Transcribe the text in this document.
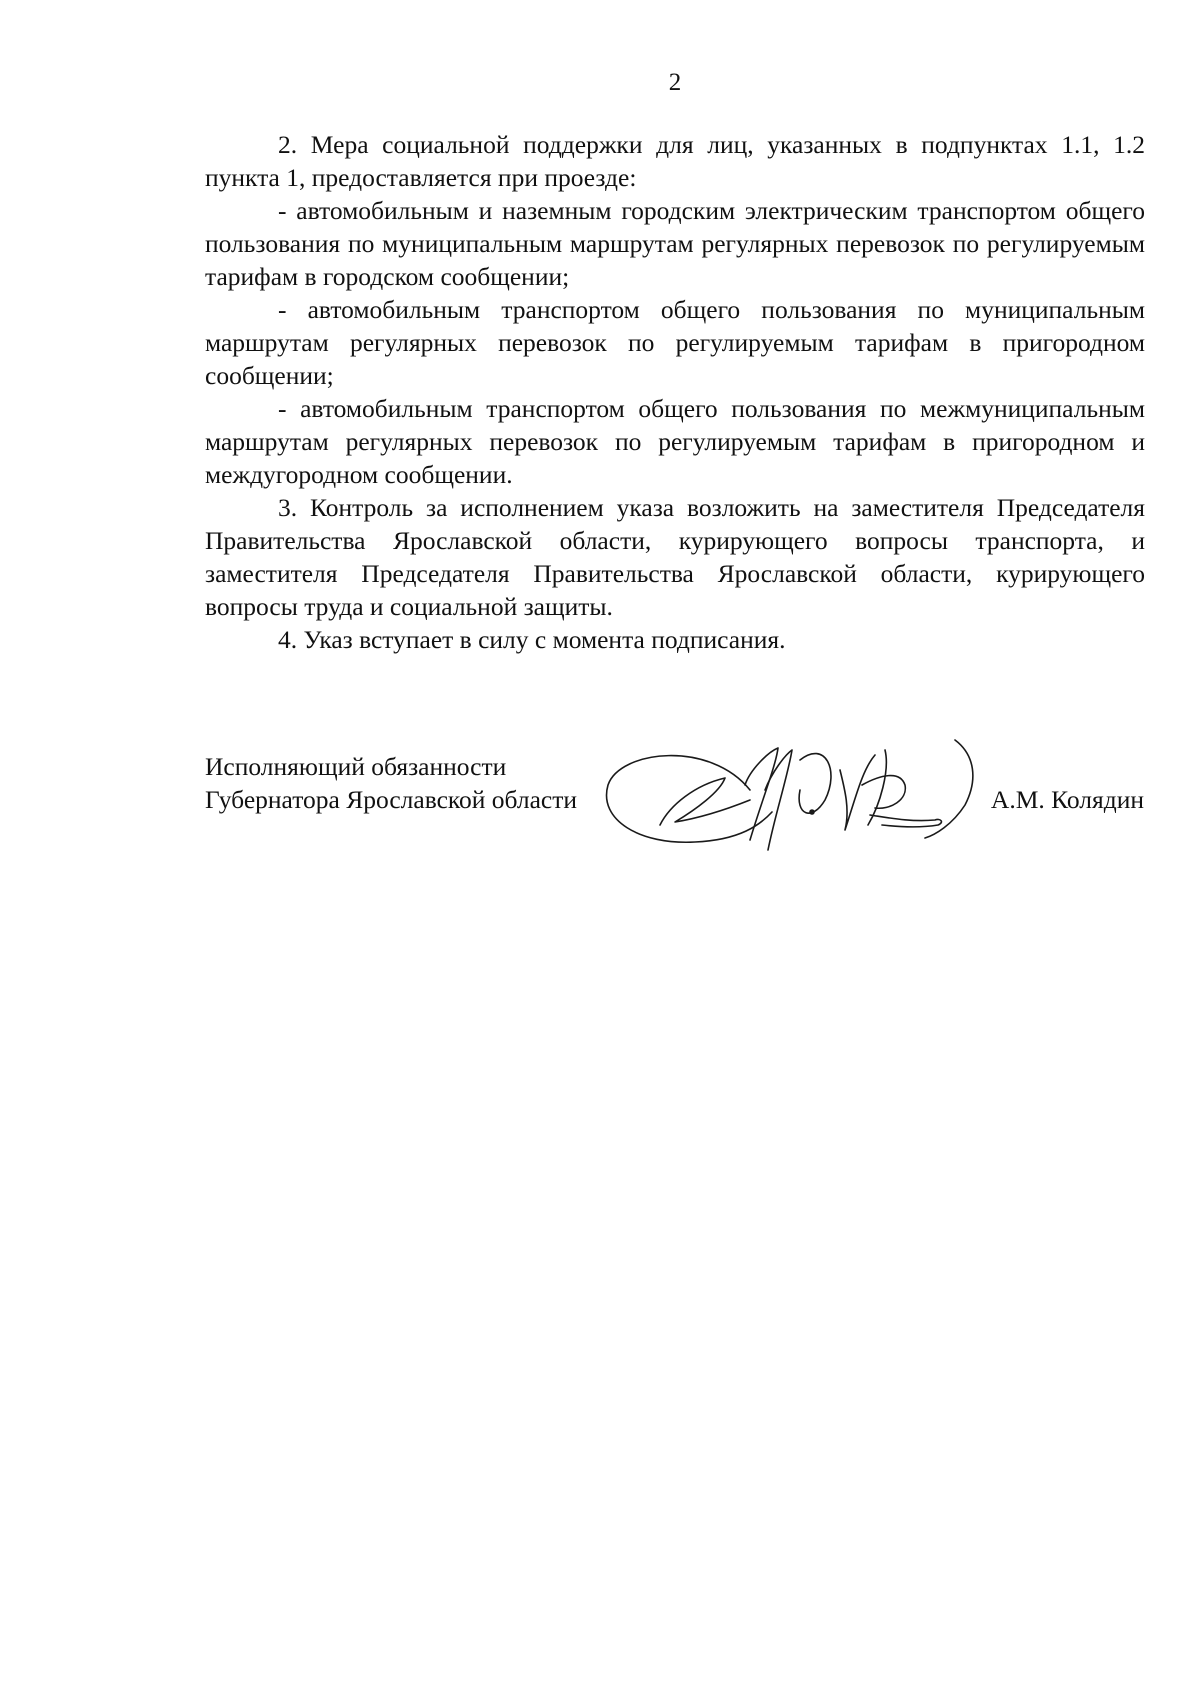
2

2. Мера социальной поддержки для лиц, указанных в подпунктах 1.1, 1.2 пункта 1, предоставляется при проезде:

- автомобильным и наземным городским электрическим транспортом общего пользования по муниципальным маршрутам регулярных перевозок по регулируемым тарифам в городском сообщении;

- автомобильным транспортом общего пользования по муниципальным маршрутам регулярных перевозок по регулируемым тарифам в пригородном сообщении;

- автомобильным транспортом общего пользования по межмуниципальным маршрутам регулярных перевозок по регулируемым тарифам в пригородном и междугородном сообщении.

3. Контроль за исполнением указа возложить на заместителя Председателя Правительства Ярославской области, курирующего вопросы транспорта, и заместителя Председателя Правительства Ярославской области, курирующего вопросы труда и социальной защиты.

4. Указ вступает в силу с момента подписания.

Исполняющий обязанности
Губернатора Ярославской области	А.М. Колядин
